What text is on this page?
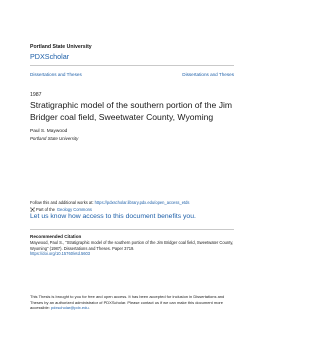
Portland State University
PDXScholar
Dissertations and Theses	Dissertations and Theses
1987
Stratigraphic model of the southern portion of the Jim Bridger coal field, Sweetwater County, Wyoming
Paul S. Maywood
Portland State University
Follow this and additional works at: https://pdxscholar.library.pdx.edu/open_access_etds
Part of the Geology Commons
Let us know how access to this document benefits you.
Recommended Citation
Maywood, Paul S., "Stratigraphic model of the southern portion of the Jim Bridger coal field, Sweetwater County, Wyoming" (1987). Dissertations and Theses. Paper 3719.
https://doi.org/10.15760/etd.5603
This Thesis is brought to you for free and open access. It has been accepted for inclusion in Dissertations and Theses by an authorized administrator of PDXScholar. Please contact us if we can make this document more accessible: pdxscholar@pdx.edu.
